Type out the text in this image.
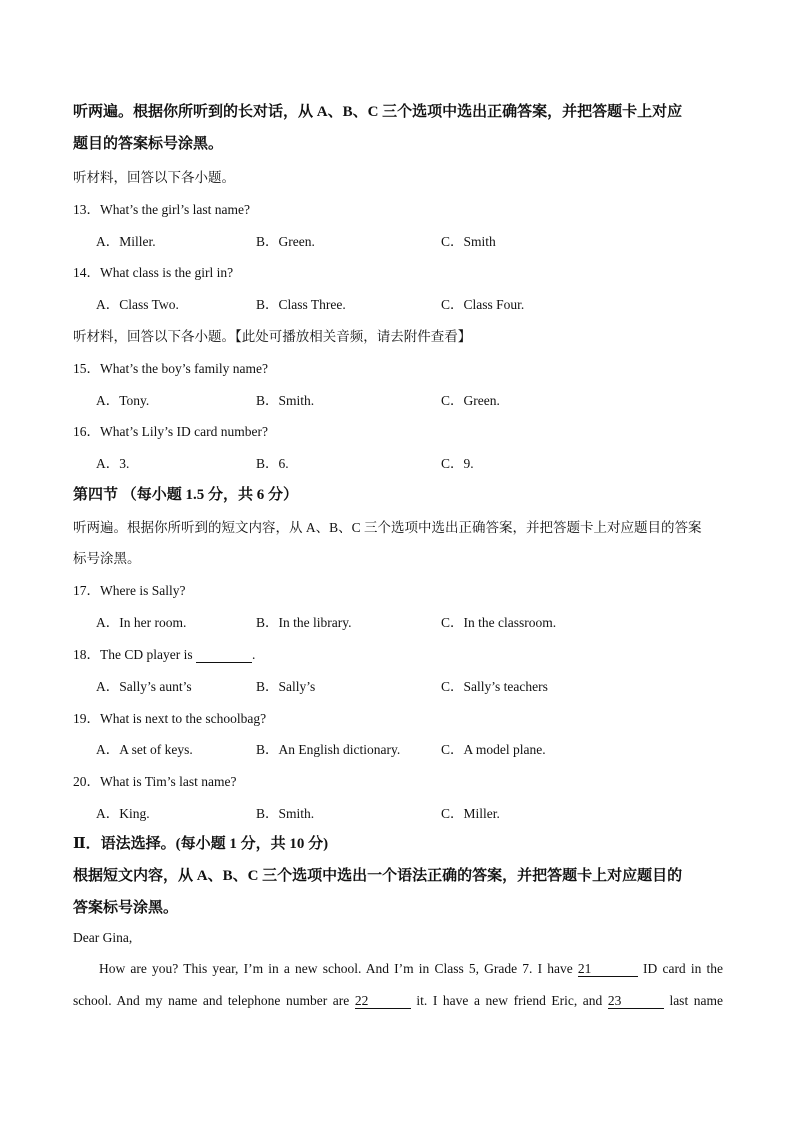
听两遍。根据你所听到的长对话，从 A、B、C 三个选项中选出正确答案，并把答题卡上对应
题目的答案标号涂黑。
听材料，回答以下各小题。
13．What’s the girl’s last name?
A．Miller.	B．Green.	C．Smith
14．What class is the girl in?
A．Class Two.	B．Class Three.	C．Class Four.
听材料，回答以下各小题。【此处可播放相关音频，请去附件查看】
15．What’s the boy’s family name?
A．Tony.	B．Smith.	C．Green.
16．What’s Lily’s ID card number?
A．3.	B．6.	C．9.
第四节 （每小题 1.5 分，共 6 分）
听两遍。根据你所听到的短文内容，从 A、B、C 三个选项中选出正确答案，并把答题卡上对应题目的答案
标号涂黑。
17．Where is Sally?
A．In her room.	B．In the library.	C．In the classroom.
18．The CD player is	.
A．Sally’s aunt’s	B．Sally’s	C．Sally’s teachers
19．What is next to the schoolbag?
A．A set of keys.	B．An English dictionary.	C．A model plane.
20．What is Tim’s last name?
A．King.	B．Smith.	C．Miller.
Ⅱ．语法选择。(每小题 1 分，共 10 分)
根据短文内容，从 A、B、C 三个选项中选出一个语法正确的答案，并把答题卡上对应题目的
答案标号涂黑。
Dear Gina,
How are you? This year, I’m in a new school. And I’m in Class 5, Grade 7. I have 21	ID card in the
school. And my name and telephone number are 22	it. I have a new friend Eric, and 23	last name
